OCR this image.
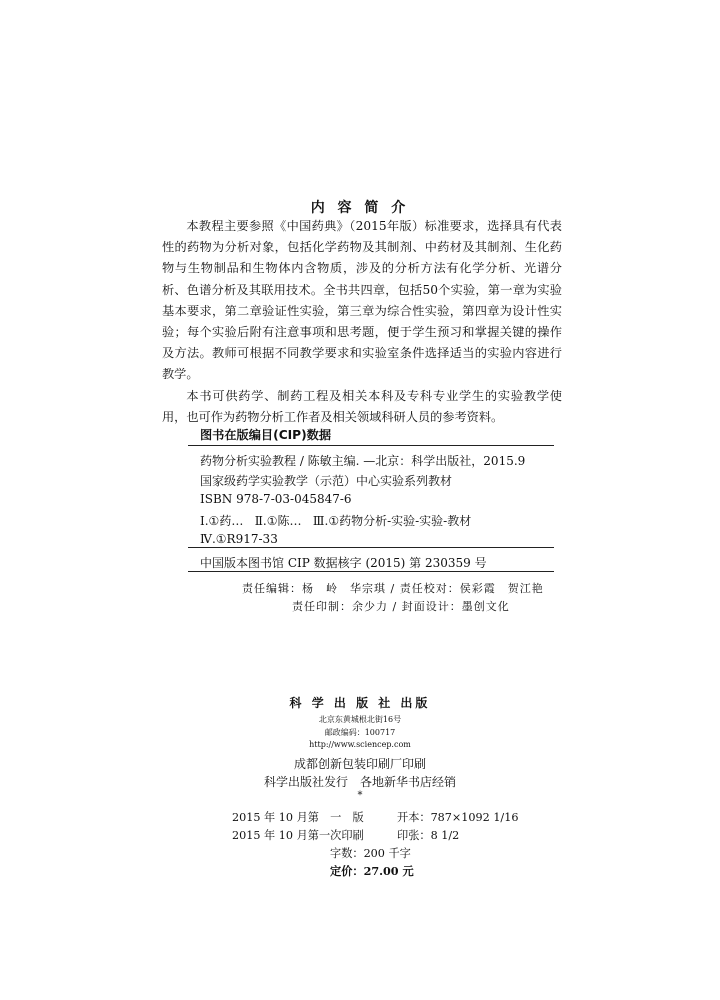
内 容 简 介

本教程主要参照《中国药典》（2015年版）标准要求，选择具有代表性的药物为分析对象，包括化学药物及其制剂、中药材及其制剂、生化药物与生物制品和生物体内含物质，涉及的分析方法有化学分析、光谱分析、色谱分析及其联用技术。全书共四章，包括50个实验，第一章为实验基本要求，第二章验证性实验，第三章为综合性实验，第四章为设计性实验；每个实验后附有注意事项和思考题，便于学生预习和掌握关键的操作及方法。教师可根据不同教学要求和实验室条件选择适当的实验内容进行教学。

本书可供药学、制药工程及相关本科及专科专业学生的实验教学使用，也可作为药物分析工作者及相关领域科研人员的参考资料。

图书在版编目(CIP)数据
药物分析实验教程 / 陈敏主编. —北京：科学出版社，2015.9
国家级药学实验教学（示范）中心实验系列教材
ISBN 978-7-03-045847-6
Ⅰ.①药…   Ⅱ.①陈…   Ⅲ.①药物分析-实验-实验-教材
Ⅳ.①R917-33
中国版本图书馆 CIP 数据核字 (2015) 第 230359 号
责任编辑：杨　岭　华宗琪 / 责任校对：侯彩霞　贺江艳
责任印制：余少力 / 封面设计：墨创文化
科 学 出 版 社 出版
北京东黄城根北街16号
邮政编码：100717
http://www.sciencep.com
成都创新包装印刷厂印刷
科学出版社发行　各地新华书店经销
*
2015 年 10 月第　一　版	开本：787×1092 1/16
2015 年 10 月第一次印刷	印张：8 1/2
字数：200 千字
定价：27.00 元
